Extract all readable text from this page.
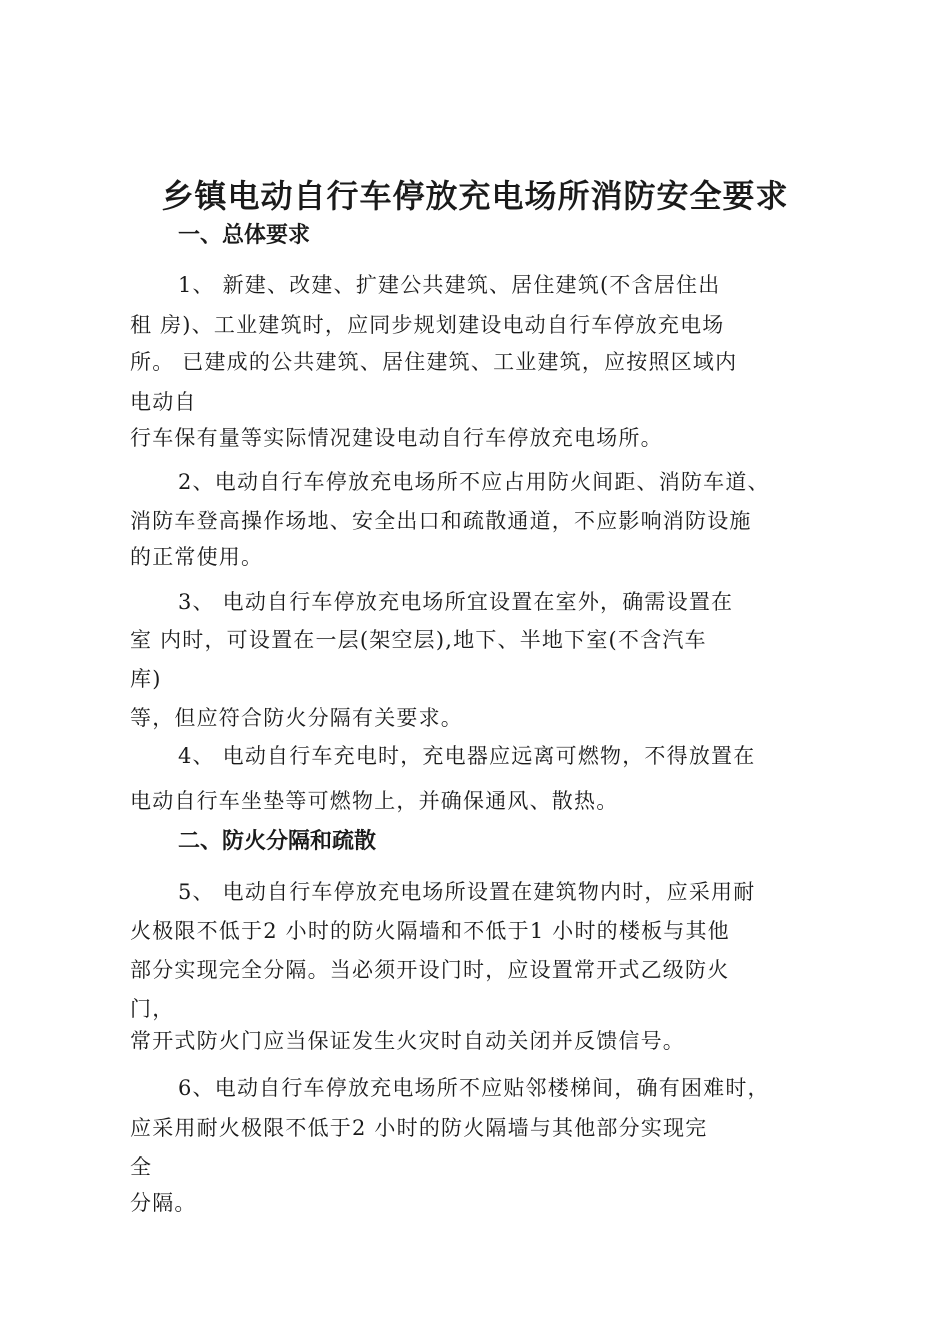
乡镇电动自行车停放充电场所消防安全要求
一、总体要求

1、 新建、改建、扩建公共建筑、居住建筑(不含居住出

租 房)、工业建筑时，应同步规划建设电动自行车停放充电场

所。 已建成的公共建筑、居住建筑、工业建筑，应按照区域内

电动自

行车保有量等实际情况建设电动自行车停放充电场所。

2、电动自行车停放充电场所不应占用防火间距、消防车道、

消防车登高操作场地、安全出口和疏散通道，不应影响消防设施

的正常使用。

3、 电动自行车停放充电场所宜设置在室外，确需设置在

室 内时，可设置在一层(架空层),地下、半地下室(不含汽车

库)

等，但应符合防火分隔有关要求。

4、 电动自行车充电时，充电器应远离可燃物，不得放置在

电动自行车坐垫等可燃物上，并确保通风、散热。

二、防火分隔和疏散

5、 电动自行车停放充电场所设置在建筑物内时，应采用耐

火极限不低于2 小时的防火隔墙和不低于1 小时的楼板与其他

部分实现完全分隔。当必须开设门时，应设置常开式乙级防火

门，

常开式防火门应当保证发生火灾时自动关闭并反馈信号。

6、电动自行车停放充电场所不应贴邻楼梯间，确有困难时，

应采用耐火极限不低于2 小时的防火隔墙与其他部分实现完

全

分隔。
